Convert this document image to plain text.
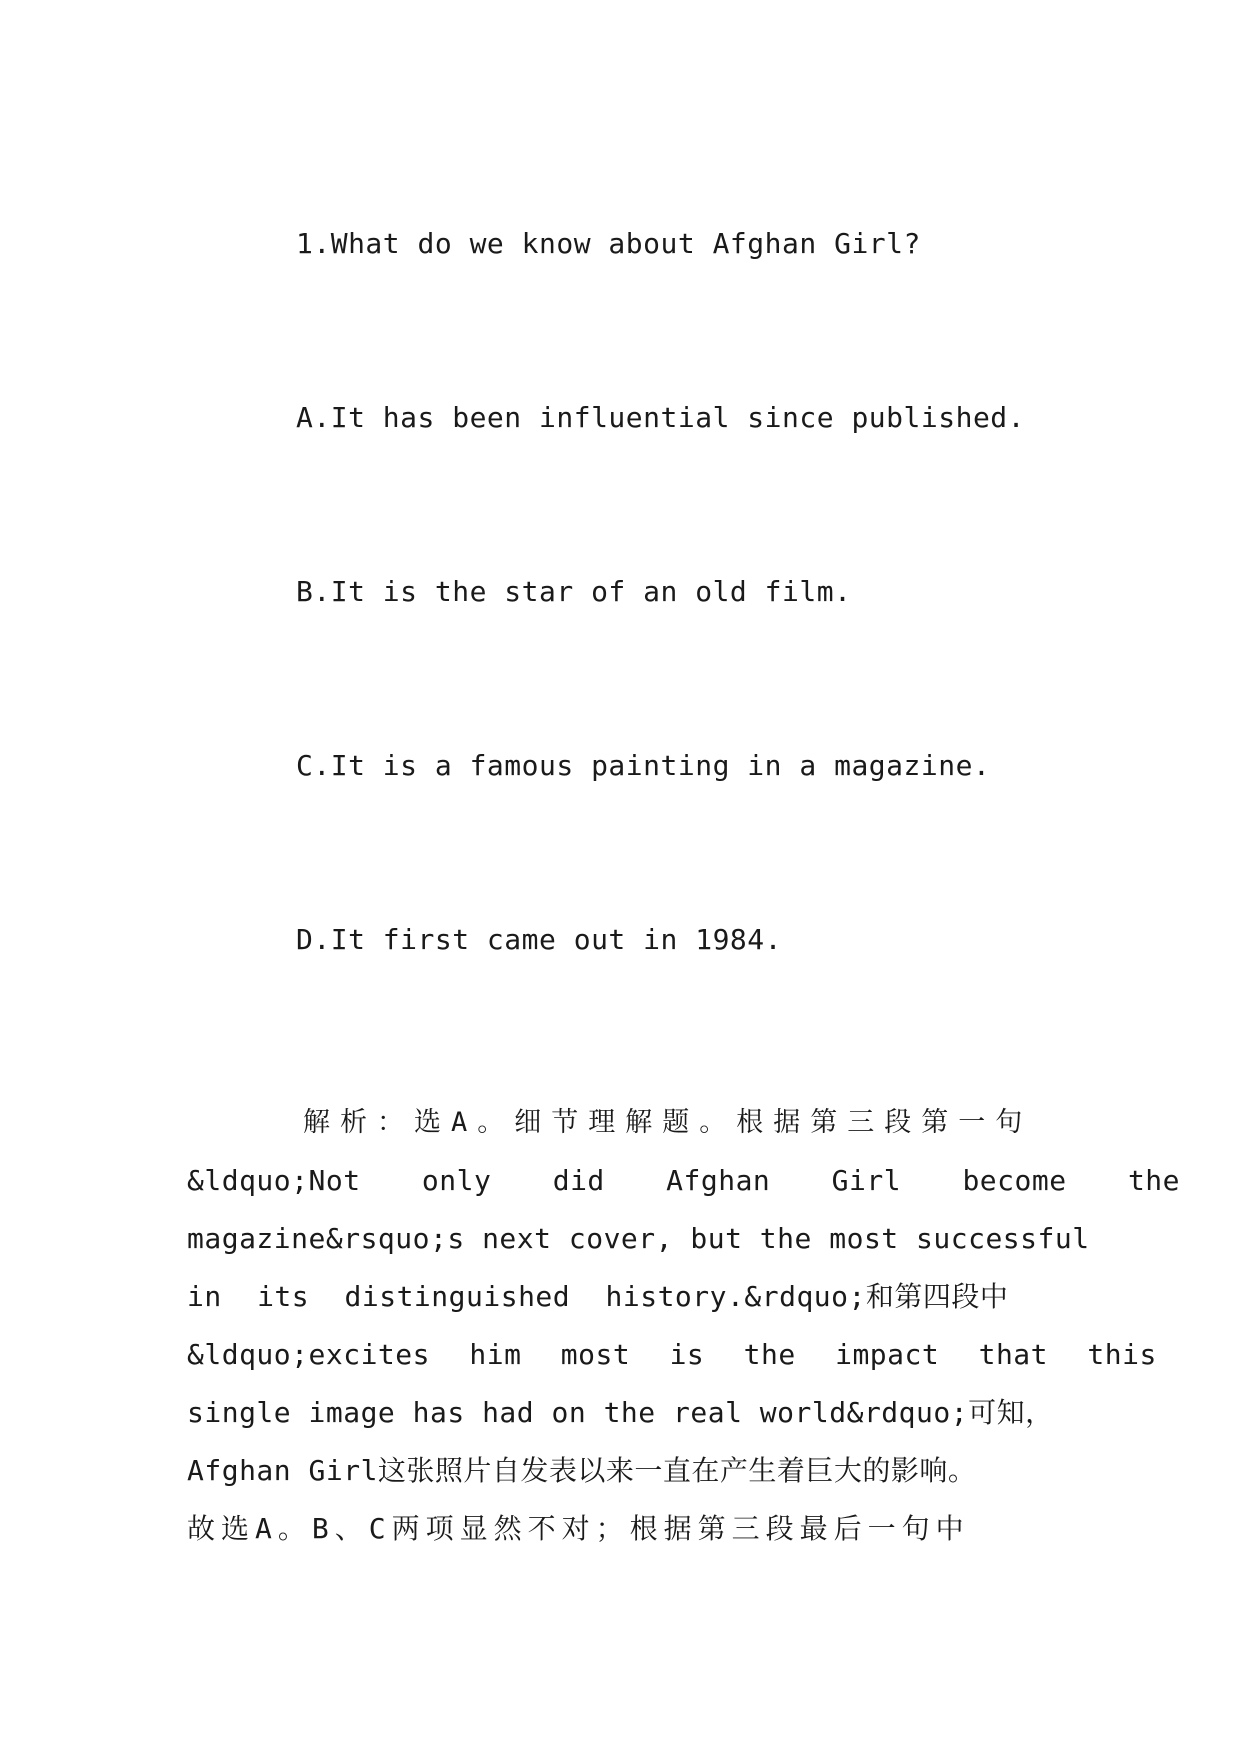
1.What do we know about Afghan Girl?
A.It has been influential since published.
B.It is the star of an old film.
C.It is a famous painting in a magazine.
D.It first came out in 1984.
解析：选A。细节理解题。根据第三段第一句
&ldquo;Not only did Afghan Girl become the
magazine&rsquo;s next cover, but the most successful
in its distinguished history.&rdquo;和第四段中
&ldquo;excites him most is the impact that this
single image has had on the real world&rdquo;可知，
Afghan Girl这张照片自发表以来一直在产生着巨大的影响。
故选A。B、C两项显然不对；根据第三段最后一句中
